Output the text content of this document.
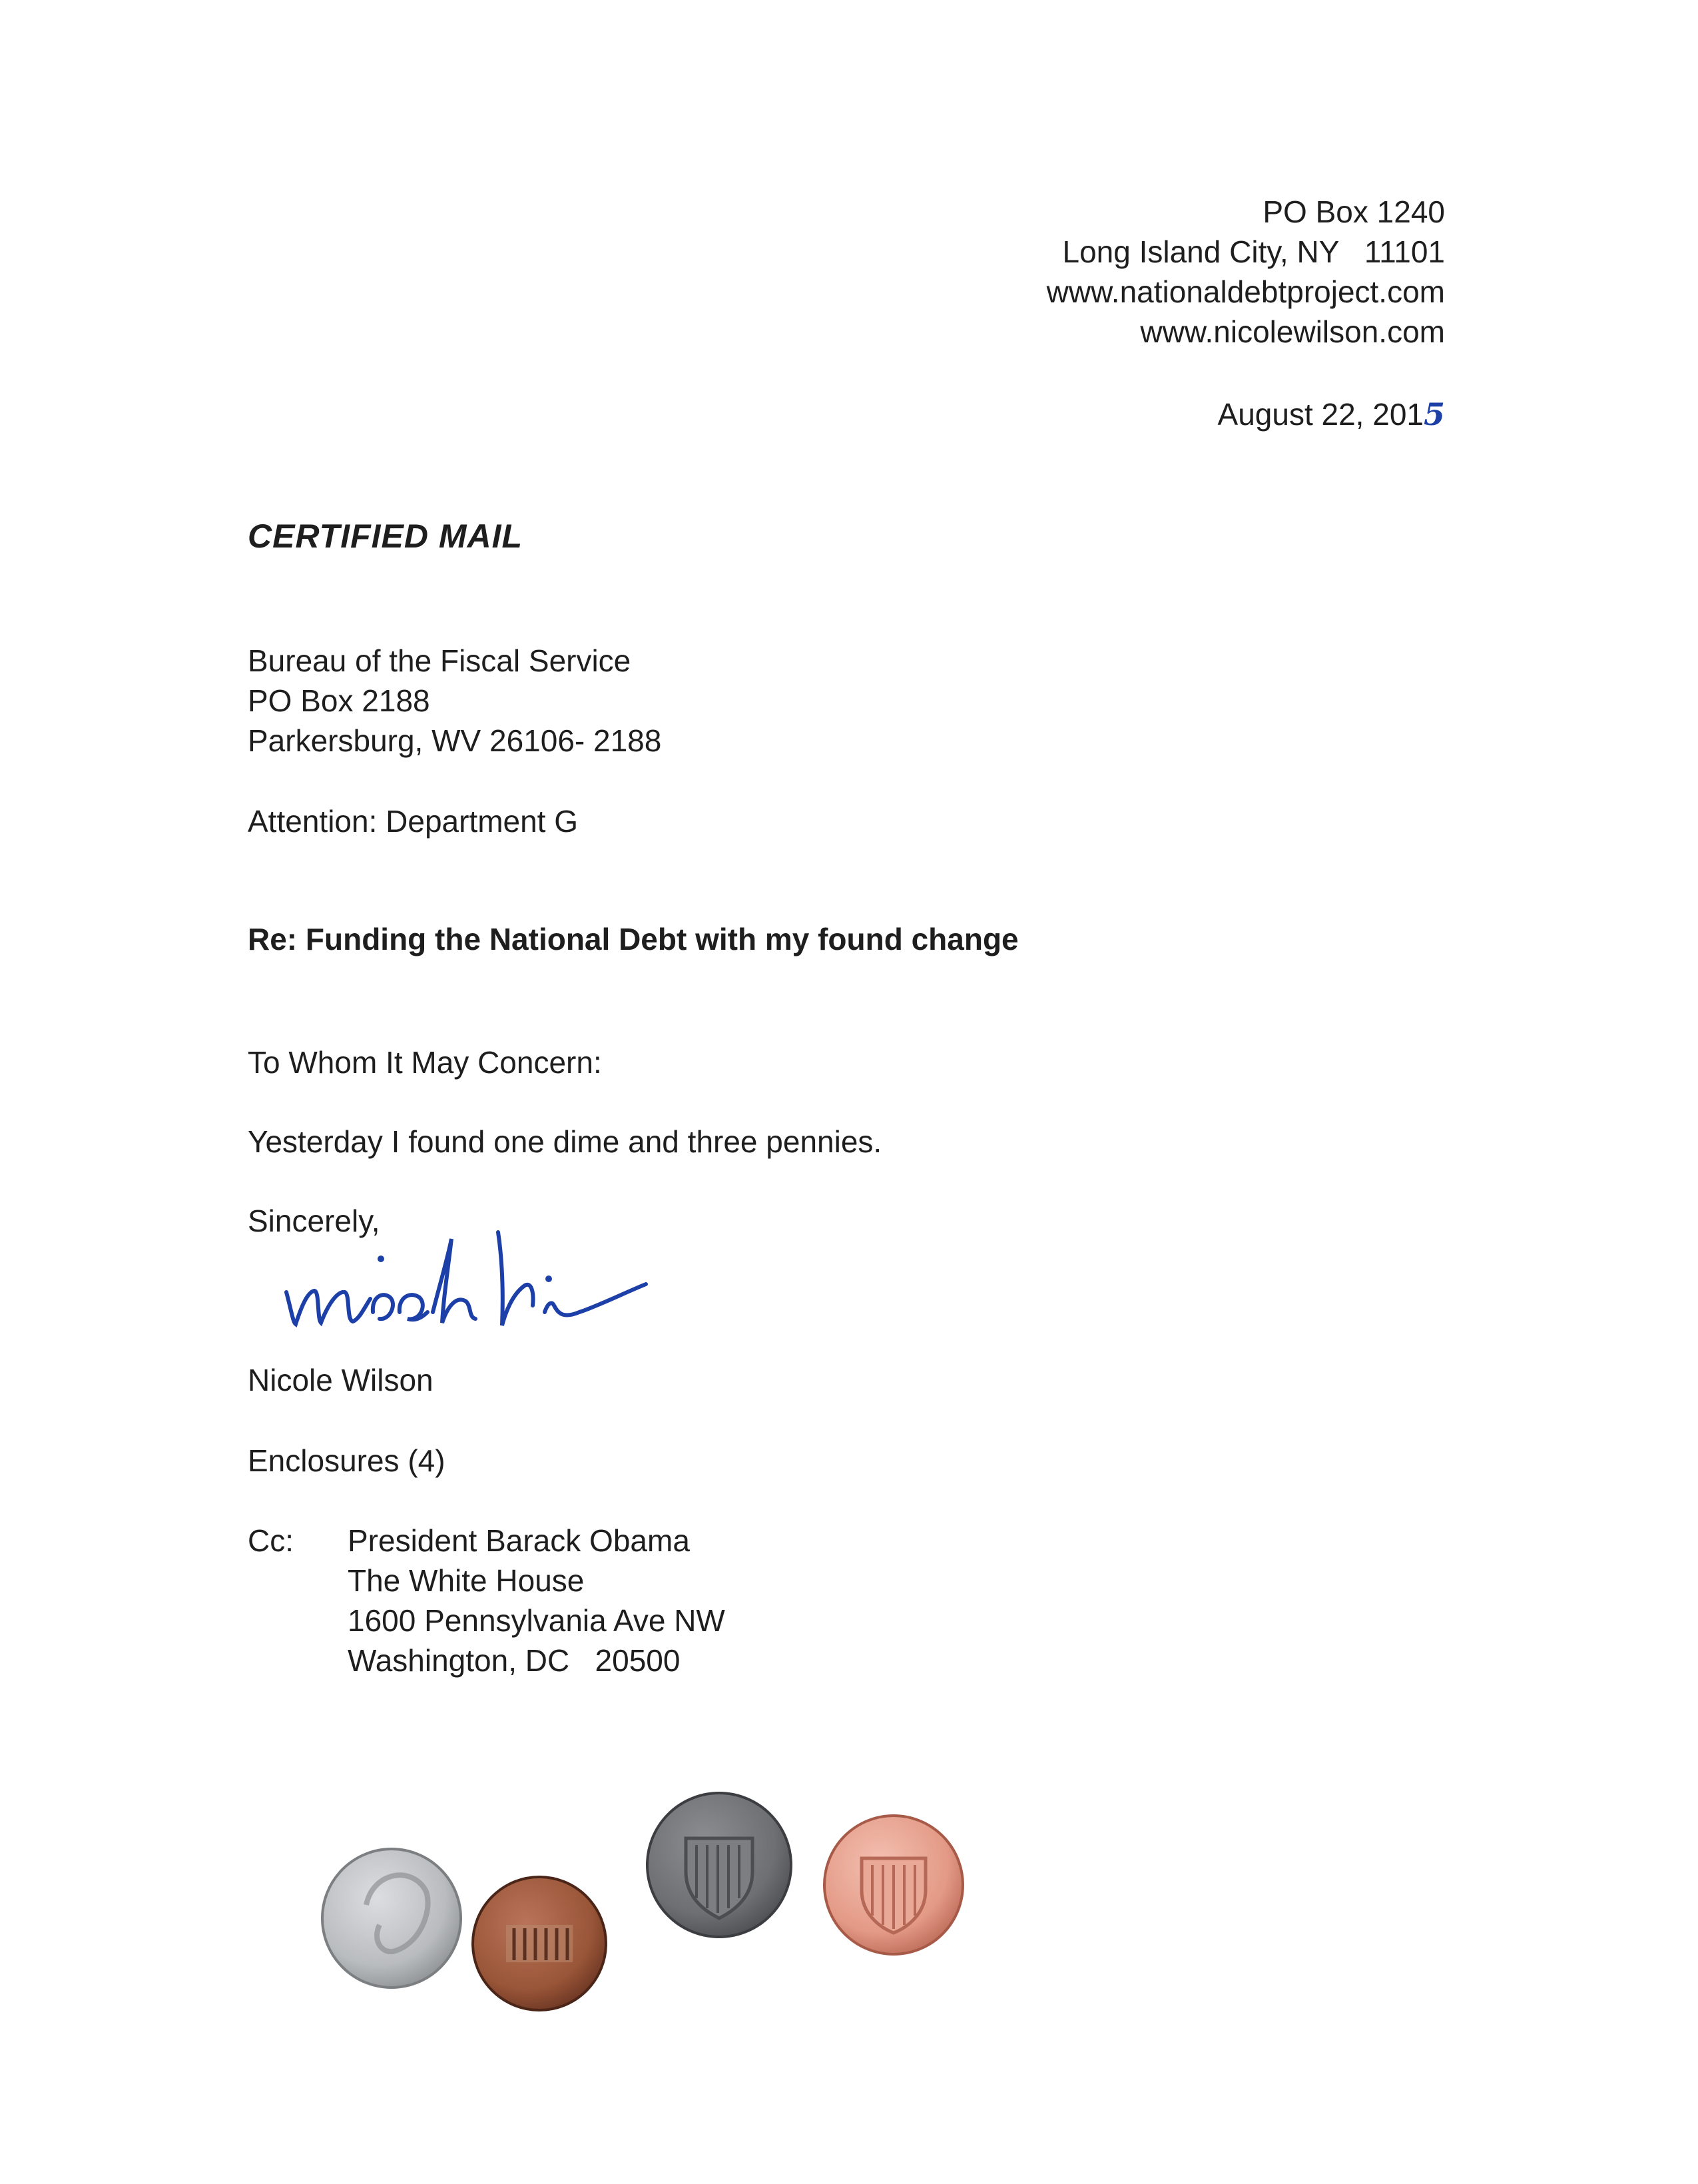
PO Box 1240
Long Island City, NY   11101
www.nationaldebtproject.com
www.nicolewilson.com
August 22, 2015
CERTIFIED MAIL
Bureau of the Fiscal Service
PO Box 2188
Parkersburg, WV 26106- 2188
Attention: Department G
Re: Funding the National Debt with my found change
To Whom It May Concern:
Yesterday I found one dime and three pennies.
Sincerely,
Nicole Wilson
Enclosures (4)
Cc: President Barack Obama
The White House
1600 Pennsylvania Ave NW
Washington, DC   20500
